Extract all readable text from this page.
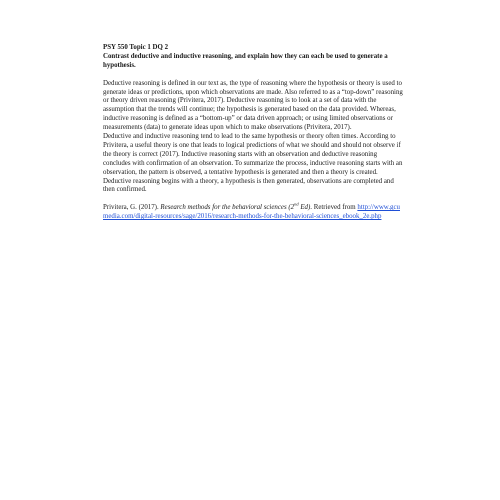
PSY 550 Topic 1 DQ 2

Contrast deductive and inductive reasoning, and explain how they can each be used to generate a hypothesis.

Deductive reasoning is defined in our text as, the type of reasoning where the hypothesis or theory is used to generate ideas or predictions, upon which observations are made. Also referred to as a “top-down” reasoning or theory driven reasoning (Privitera, 2017). Deductive reasoning is to look at a set of data with the assumption that the trends will continue; the hypothesis is generated based on the data provided. Whereas, inductive reasoning is defined as a “bottom-up” or data driven approach; or using limited observations or measurements (data) to generate ideas upon which to make observations (Privitera, 2017).

Deductive and inductive reasoning tend to lead to the same hypothesis or theory often times. According to Privitera, a useful theory is one that leads to logical predictions of what we should and should not observe if the theory is correct (2017). Inductive reasoning starts with an observation and deductive reasoning concludes with confirmation of an observation. To summarize the process, inductive reasoning starts with an observation, the pattern is observed, a tentative hypothesis is generated and then a theory is created. Deductive reasoning begins with a theory, a hypothesis is then generated, observations are completed and then confirmed.

Privitera, G. (2017). Research methods for the behavioral sciences (2nd Ed). Retrieved from http://www.gcumedia.com/digital-resources/sage/2016/research-methods-for-the-behavioral-sciences_ebook_2e.php
